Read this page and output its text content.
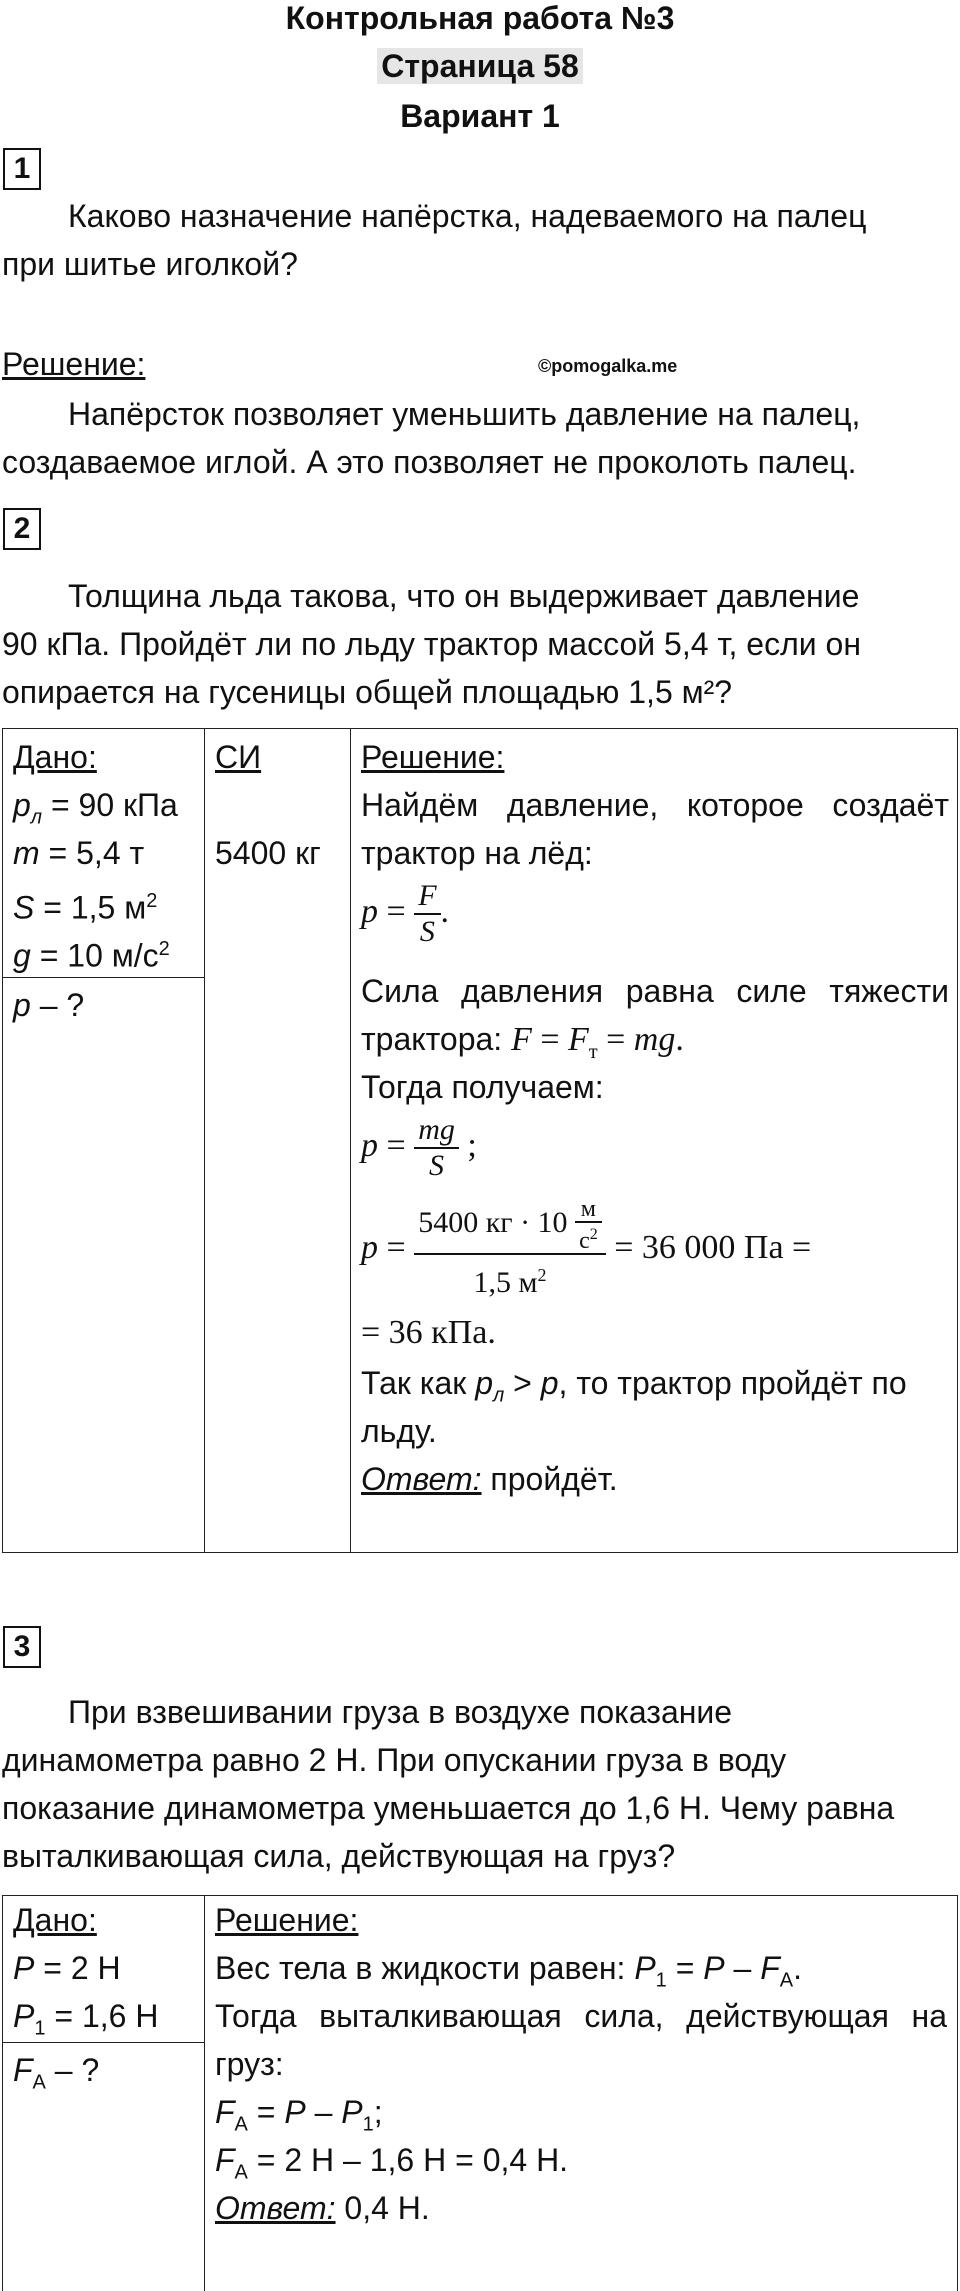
Контрольная работа №3
Страница 58
Вариант 1
1
Каково назначение напёрстка, надеваемого на палец
при шитье иголкой?
Решение:	©pomogalka.me
Напёрсток позволяет уменьшить давление на палец,
создаваемое иглой. А это позволяет не проколоть палец.
2
Толщина льда такова, что он выдерживает давление
90 кПа. Пройдёт ли по льду трактор массой 5,4 т, если он
опирается на гусеницы общей площадью 1,5 м²?
Дано:
$p_л = 90$ кПа
m = 5,4 т
S = 1,5 $м^2$
g = 10 $м/с^2$
p – ?
СИ
5400 кг
Решение:
Найдём давление, которое создаёт
трактор на лёд:
$p = \frac{F}{S}$ .
Сила давления равна силе тяжести
трактора: $F = F_т$ = mg.
Тогда получаем:
$p = \frac{mg}{S}$ ;
$p = \frac{5400 кг \cdot 10 \frac{м}{с^2}}{1,5 м^2} = 36$ 000 Па =
= 36 кПа.
Так как $p_л > p$, то трактор пройдёт по
льду.
Ответ: пройдёт.
3
При взвешивании груза в воздухе показание
динамометра равно 2 Н. При опускании груза в воду
показание динамометра уменьшается до 1,6 Н. Чему равна
выталкивающая сила, действующая на груз?
Дано:
P = 2 Н
$P_1 = 1,6$ Н
$F_A$ – ?
Решение:
Вес тела в жидкости равен: $P_1 = P - F_A$.
Тогда выталкивающая сила, действующая на
груз:
$F_A = P - P_1$;
$F_A = 2$ Н – 1,6 Н = 0,4 Н.
Ответ: 0,4 Н.
